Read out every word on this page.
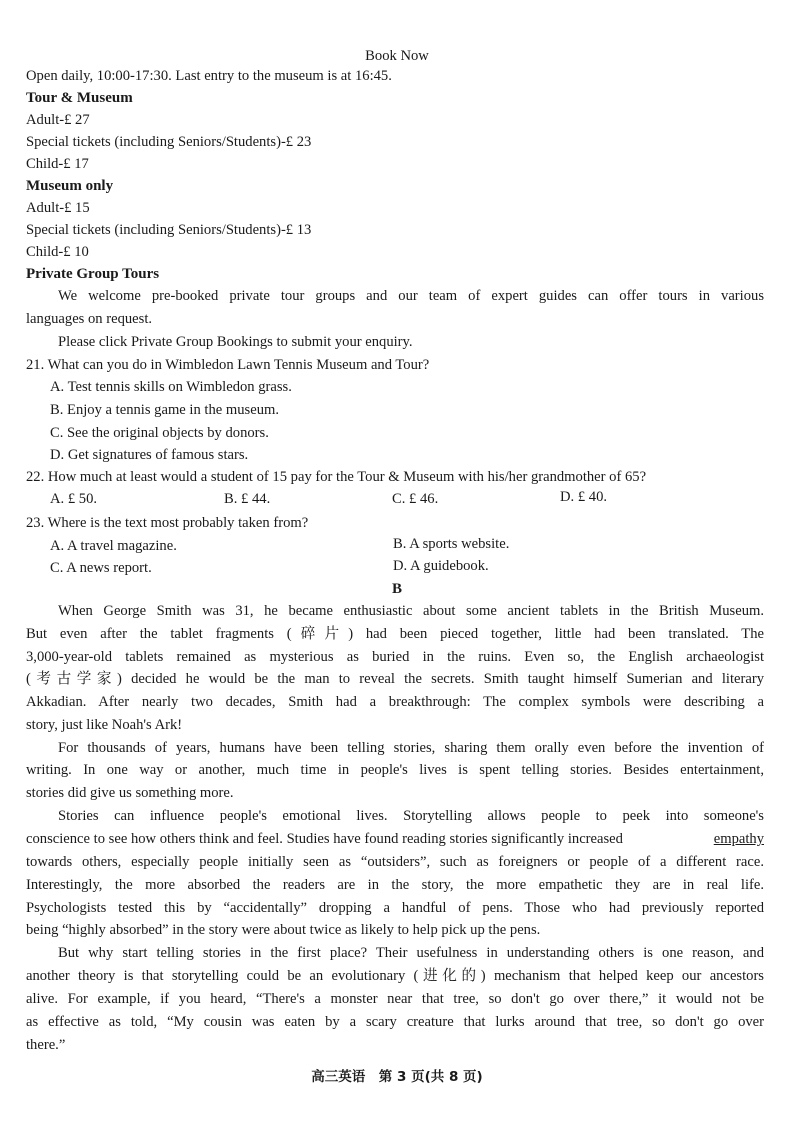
Book Now
Open daily, 10:00-17:30. Last entry to the museum is at 16:45.
Tour & Museum
Adult-£ 27
Special tickets (including Seniors/Students)-£ 23
Child-£ 17
Museum only
Adult-£ 15
Special tickets (including Seniors/Students)-£ 13
Child-£ 10
Private Group Tours
We welcome pre-booked private tour groups and our team of expert guides can offer tours in various
languages on request.
Please click Private Group Bookings to submit your enquiry.
21. What can you do in Wimbledon Lawn Tennis Museum and Tour?
A. Test tennis skills on Wimbledon grass.
B. Enjoy a tennis game in the museum.
C. See the original objects by donors.
D. Get signatures of famous stars.
22. How much at least would a student of 15 pay for the Tour & Museum with his/her grandmother of 65?
A. £ 50.	B. £ 44.	C. £ 46.	D. £ 40.
23. Where is the text most probably taken from?
A. A travel magazine.	B. A sports website.
C. A news report.	D. A guidebook.
B
When George Smith was 31, he became enthusiastic about some ancient tablets in the British Museum.
But even after the tablet fragments (碎片) had been pieced together, little had been translated. The
3,000-year-old tablets remained as mysterious as buried in the ruins. Even so, the English archaeologist
(考古学家) decided he would be the man to reveal the secrets. Smith taught himself Sumerian and literary
Akkadian. After nearly two decades, Smith had a breakthrough: The complex symbols were describing a
story, just like Noah's Ark!
For thousands of years, humans have been telling stories, sharing them orally even before the invention of
writing. In one way or another, much time in people's lives is spent telling stories. Besides entertainment,
stories did give us something more.
Stories can influence people's emotional lives. Storytelling allows people to peek into someone's
conscience to see how others think and feel. Studies have found reading stories significantly increased	empathy
towards others, especially people initially seen as “outsiders”, such as foreigners or people of a different race.
Interestingly, the more absorbed the readers are in the story, the more empathetic they are in real life.
Psychologists tested this by “accidentally” dropping a handful of pens. Those who had previously reported
being “highly absorbed” in the story were about twice as likely to help pick up the pens.
But why start telling stories in the first place? Their usefulness in understanding others is one reason, and
another theory is that storytelling could be an evolutionary (进化的) mechanism that helped keep our ancestors
alive. For example, if you heard, “There's a monster near that tree, so don't go over there,” it would not be
as effective as told, “My cousin was eaten by a scary creature that lurks around that tree, so don't go over
there.”
高三英语　第 3 页(共 8 页)
